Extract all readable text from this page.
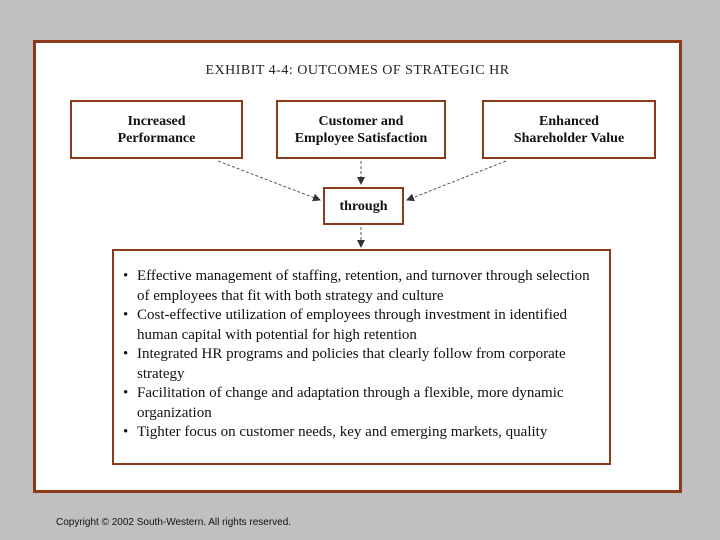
EXHIBIT 4-4: OUTCOMES OF STRATEGIC HR
Increased
Performance
Customer and
Employee Satisfaction
Enhanced
Shareholder Value
through
• Effective management of staffing, retention, and turnover through selection of employees that fit with both strategy and culture
• Cost-effective utilization of employees through investment in identified human capital with potential for high retention
• Integrated HR programs and policies that clearly follow from corporate strategy
• Facilitation of change and adaptation through a flexible, more dynamic organization
• Tighter focus on customer needs, key and emerging markets, quality
Copyright © 2002 South-Western. All rights reserved.
